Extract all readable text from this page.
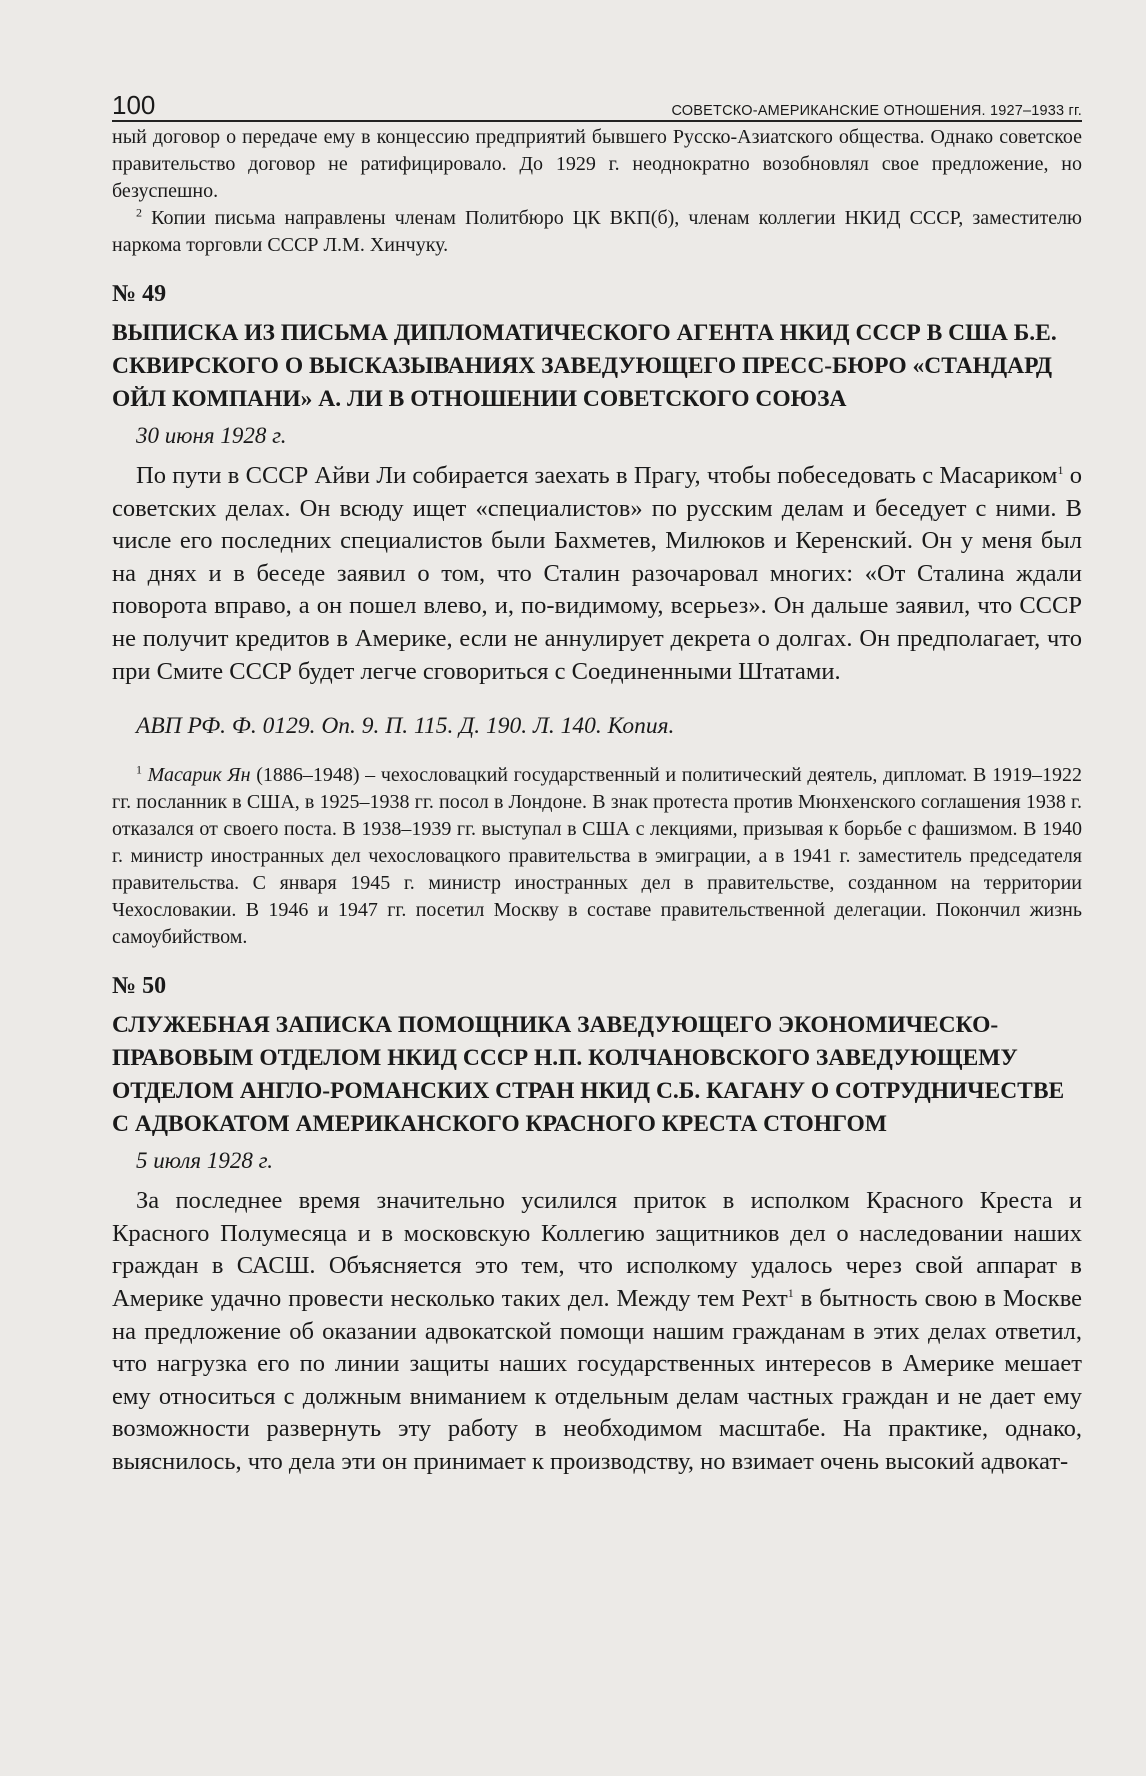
100	СОВЕТСКО-АМЕРИКАНСКИЕ ОТНОШЕНИЯ. 1927–1933 гг.

ный договор о передаче ему в концессию предприятий бывшего Русско-Азиатского общества. Однако советское правительство договор не ратифицировало. До 1929 г. неоднократно возобновлял свое предложение, но безуспешно.

$^2$ Копии письма направлены членам Политбюро ЦК ВКП(б), членам коллегии НКИД СССР, заместителю наркома торговли СССР Л.М. Хинчуку.

№ 49

ВЫПИСКА ИЗ ПИСЬМА ДИПЛОМАТИЧЕСКОГО АГЕНТА НКИД СССР В США Б.Е. СКВИРСКОГО О ВЫСКАЗЫВАНИЯХ ЗАВЕДУЮЩЕГО ПРЕСС-БЮРО «СТАНДАРД ОЙЛ КОМПАНИ» А. ЛИ В ОТНОШЕНИИ СОВЕТСКОГО СОЮЗА

30 июня 1928 г.

По пути в СССР Айви Ли собирается заехать в Прагу, чтобы побеседовать с Масариком$^1$ о советских делах. Он всюду ищет «специалистов» по русским делам и беседует с ними. В числе его последних специалистов были Бахметев, Милюков и Керенский. Он у меня был на днях и в беседе заявил о том, что Сталин разочаровал многих: «От Сталина ждали поворота вправо, а он пошел влево, и, по-видимому, всерьез». Он дальше заявил, что СССР не получит кредитов в Америке, если не аннулирует декрета о долгах. Он предполагает, что при Смите СССР будет легче сговориться с Соединенными Штатами.

АВП РФ. Ф. 0129. Оп. 9. П. 115. Д. 190. Л. 140. Копия.

$^1$ Масарик Ян (1886–1948) – чехословацкий государственный и политический деятель, дипломат. В 1919–1922 гг. посланник в США, в 1925–1938 гг. посол в Лондоне. В знак протеста против Мюнхенского соглашения 1938 г. отказался от своего поста. В 1938–1939 гг. выступал в США с лекциями, призывая к борьбе с фашизмом. В 1940 г. министр иностранных дел чехословацкого правительства в эмиграции, а в 1941 г. заместитель председателя правительства. С января 1945 г. министр иностранных дел в правительстве, созданном на территории Чехословакии. В 1946 и 1947 гг. посетил Москву в составе правительственной делегации. Покончил жизнь самоубийством.

№ 50

СЛУЖЕБНАЯ ЗАПИСКА ПОМОЩНИКА ЗАВЕДУЮЩЕГО ЭКОНОМИЧЕСКО-ПРАВОВЫМ ОТДЕЛОМ НКИД СССР Н.П. КОЛЧАНОВСКОГО ЗАВЕДУЮЩЕМУ ОТДЕЛОМ АНГЛО-РОМАНСКИХ СТРАН НКИД С.Б. КАГАНУ О СОТРУДНИЧЕСТВЕ С АДВОКАТОМ АМЕРИКАНСКОГО КРАСНОГО КРЕСТА СТОНГОМ

5 июля 1928 г.

За последнее время значительно усилился приток в исполком Красного Креста и Красного Полумесяца и в московскую Коллегию защитников дел о наследовании наших граждан в САСШ. Объясняется это тем, что исполкому удалось через свой аппарат в Америке удачно провести несколько таких дел. Между тем Рехт$^1$ в бытность свою в Москве на предложение об оказании адвокатской помощи нашим гражданам в этих делах ответил, что нагрузка его по линии защиты наших государственных интересов в Америке мешает ему относиться с должным вниманием к отдельным делам частных граждан и не дает ему возможности развернуть эту работу в необходимом масштабе. На практике, однако, выяснилось, что дела эти он принимает к производству, но взимает очень высокий адвокат-
